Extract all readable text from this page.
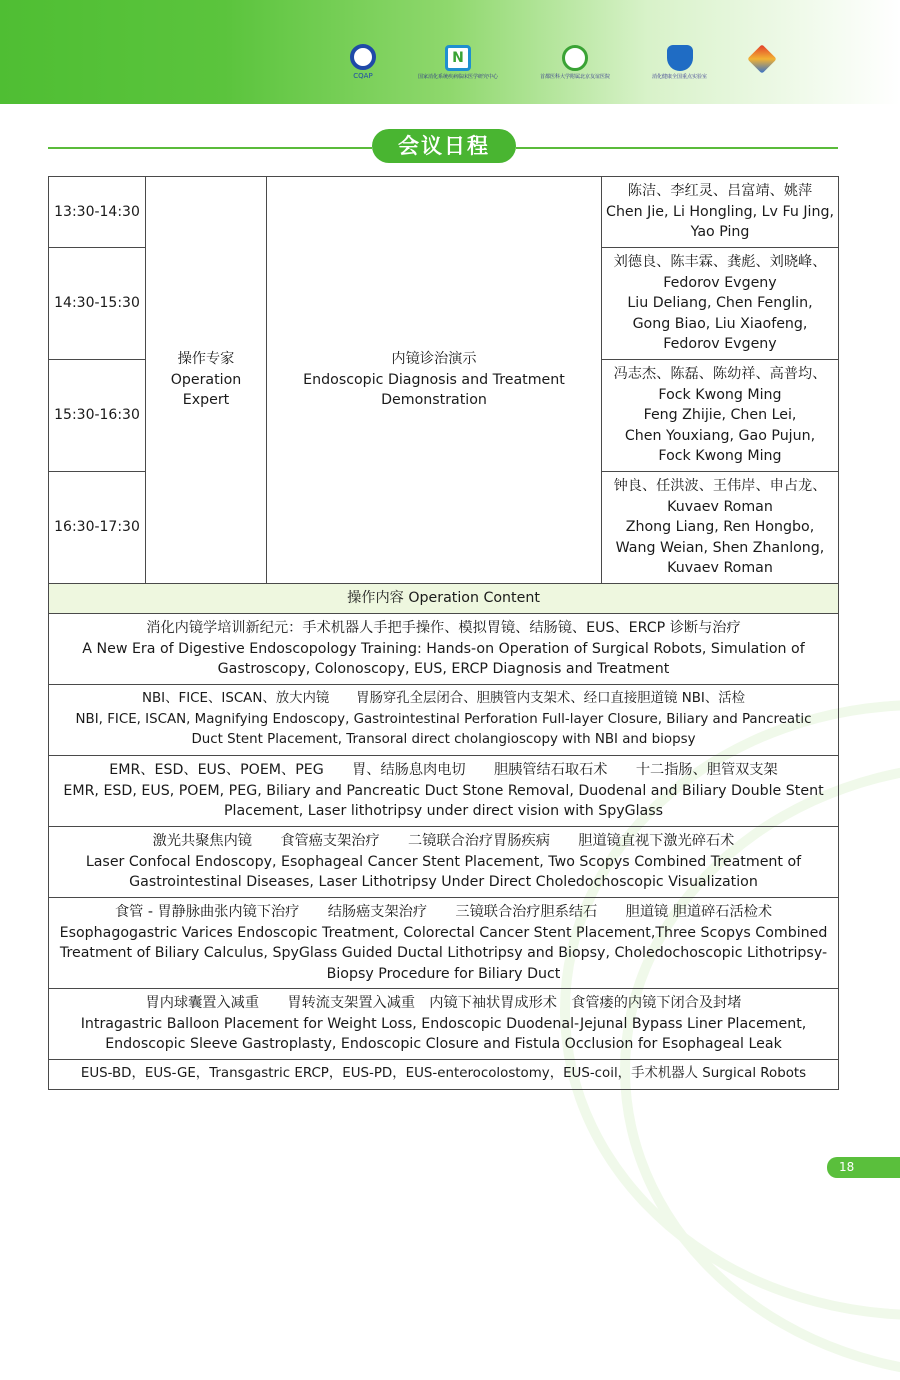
CQAP
N
国家消化系统疾病临床医学研究中心	首都医科大学附属北京友谊医院	消化健康全国重点实验室

会议日程
13:30-14:30	操作专家
Operation
Expert	内镜诊治演示
Endoscopic Diagnosis and Treatment
Demonstration	陈洁、李红灵、吕富靖、姚萍
Chen Jie, Li Hongling, Lv Fu Jing,
Yao Ping

14:30-15:30			刘德良、陈丰霖、龚彪、刘晓峰、
Fedorov Evgeny
Liu Deliang, Chen Fenglin,
Gong Biao, Liu Xiaofeng,
Fedorov Evgeny

15:30-16:30			冯志杰、陈磊、陈幼祥、高普均、
Fock Kwong Ming
Feng Zhijie, Chen Lei,
Chen Youxiang, Gao Pujun,
Fock Kwong Ming

16:30-17:30			钟良、任洪波、王伟岸、申占龙、
Kuvaev Roman
Zhong Liang, Ren Hongbo,
Wang Weian, Shen Zhanlong,
Kuvaev Roman

操作内容 Operation Content			

消化内镜学培训新纪元：手术机器人手把手操作、模拟胃镜、结肠镜、EUS、ERCP 诊断与治疗
A New Era of Digestive Endoscopology Training: Hands-on Operation of Surgical Robots, Simulation of
Gastroscopy, Colonoscopy, EUS, ERCP Diagnosis and Treatment			

NBI、FICE、ISCAN、放大内镜　　胃肠穿孔全层闭合、胆胰管内支架术、经口直接胆道镜 NBI、活检
NBI, FICE, ISCAN, Magnifying Endoscopy, Gastrointestinal Perforation Full-layer Closure, Biliary and Pancreatic
Duct Stent Placement, Transoral direct cholangioscopy with NBI and biopsy			

EMR、ESD、EUS、POEM、PEG　　胃、结肠息肉电切　　胆胰管结石取石术　　十二指肠、胆管双支架
EMR, ESD, EUS, POEM, PEG, Biliary and Pancreatic Duct Stone Removal, Duodenal and Biliary Double Stent
Placement, Laser lithotripsy under direct vision with SpyGlass			

激光共聚焦内镜　　食管癌支架治疗　　二镜联合治疗胃肠疾病　　胆道镜直视下激光碎石术
Laser Confocal Endoscopy, Esophageal Cancer Stent Placement, Two Scopys Combined Treatment of
Gastrointestinal Diseases, Laser Lithotripsy Under Direct Choledochoscopic Visualization			

食管 - 胃静脉曲张内镜下治疗　　结肠癌支架治疗　　三镜联合治疗胆系结石　　胆道镜 胆道碎石活检术
Esophagogastric Varices Endoscopic Treatment, Colorectal Cancer Stent Placement,Three Scopys Combined
Treatment of Biliary Calculus, SpyGlass Guided Ductal Lithotripsy and Biopsy, Choledochoscopic Lithotripsy-
Biopsy Procedure for Biliary Duct			

胃内球囊置入减重　　胃转流支架置入减重　内镜下袖状胃成形术　食管瘘的内镜下闭合及封堵
Intragastric Balloon Placement for Weight Loss, Endoscopic Duodenal-Jejunal Bypass Liner Placement,
Endoscopic Sleeve Gastroplasty, Endoscopic Closure and Fistula Occlusion for Esophageal Leak			

EUS-BD，EUS-GE，Transgastric ERCP，EUS-PD，EUS-enterocolostomy，EUS-coil，手术机器人 Surgical Robots			
18
